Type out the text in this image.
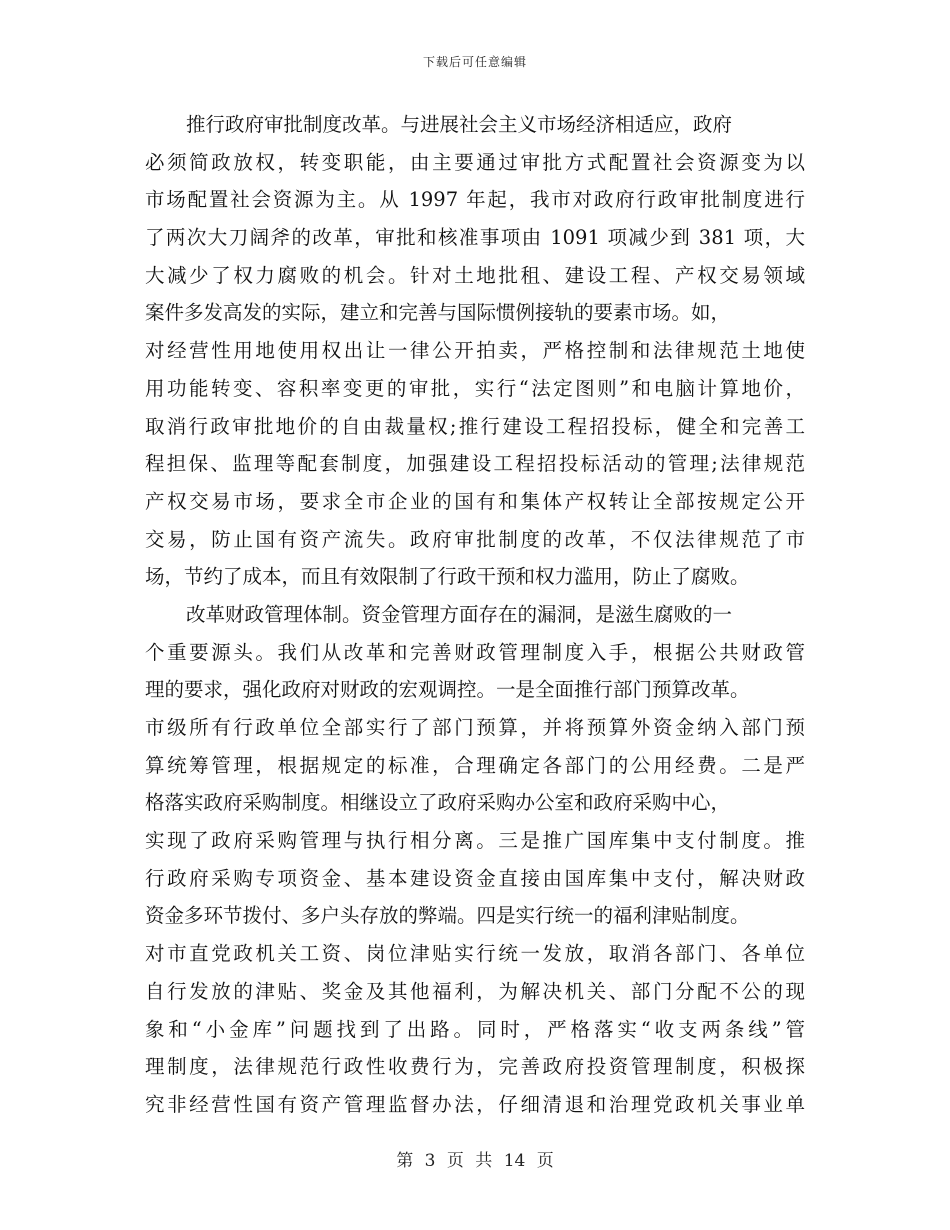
下载后可任意编辑
推行政府审批制度改革。与进展社会主义市场经济相适应，政府
必须简政放权，转变职能，由主要通过审批方式配置社会资源变为以
市场配置社会资源为主。从 1997 年起，我市对政府行政审批制度进行
了两次大刀阔斧的改革，审批和核准事项由 1091 项减少到 381 项，大
大减少了权力腐败的机会。针对土地批租、建设工程、产权交易领域
案件多发高发的实际，建立和完善与国际惯例接轨的要素市场。如，
对经营性用地使用权出让一律公开拍卖，严格控制和法律规范土地使
用功能转变、容积率变更的审批，实行“法定图则”和电脑计算地价，
取消行政审批地价的自由裁量权;推行建设工程招投标，健全和完善工
程担保、监理等配套制度，加强建设工程招投标活动的管理;法律规范
产权交易市场，要求全市企业的国有和集体产权转让全部按规定公开
交易，防止国有资产流失。政府审批制度的改革，不仅法律规范了市
场，节约了成本，而且有效限制了行政干预和权力滥用，防止了腐败。
改革财政管理体制。资金管理方面存在的漏洞，是滋生腐败的一
个重要源头。我们从改革和完善财政管理制度入手，根据公共财政管
理的要求，强化政府对财政的宏观调控。一是全面推行部门预算改革。
市级所有行政单位全部实行了部门预算，并将预算外资金纳入部门预
算统筹管理，根据规定的标准，合理确定各部门的公用经费。二是严
格落实政府采购制度。相继设立了政府采购办公室和政府采购中心，
实现了政府采购管理与执行相分离。三是推广国库集中支付制度。推
行政府采购专项资金、基本建设资金直接由国库集中支付，解决财政
资金多环节拨付、多户头存放的弊端。四是实行统一的福利津贴制度。
对市直党政机关工资、岗位津贴实行统一发放，取消各部门、各单位
自行发放的津贴、奖金及其他福利，为解决机关、部门分配不公的现
象和“小金库”问题找到了出路。同时，严格落实“收支两条线”管
理制度，法律规范行政性收费行为，完善政府投资管理制度，积极探
究非经营性国有资产管理监督办法，仔细清退和治理党政机关事业单
第 3 页 共 14 页
